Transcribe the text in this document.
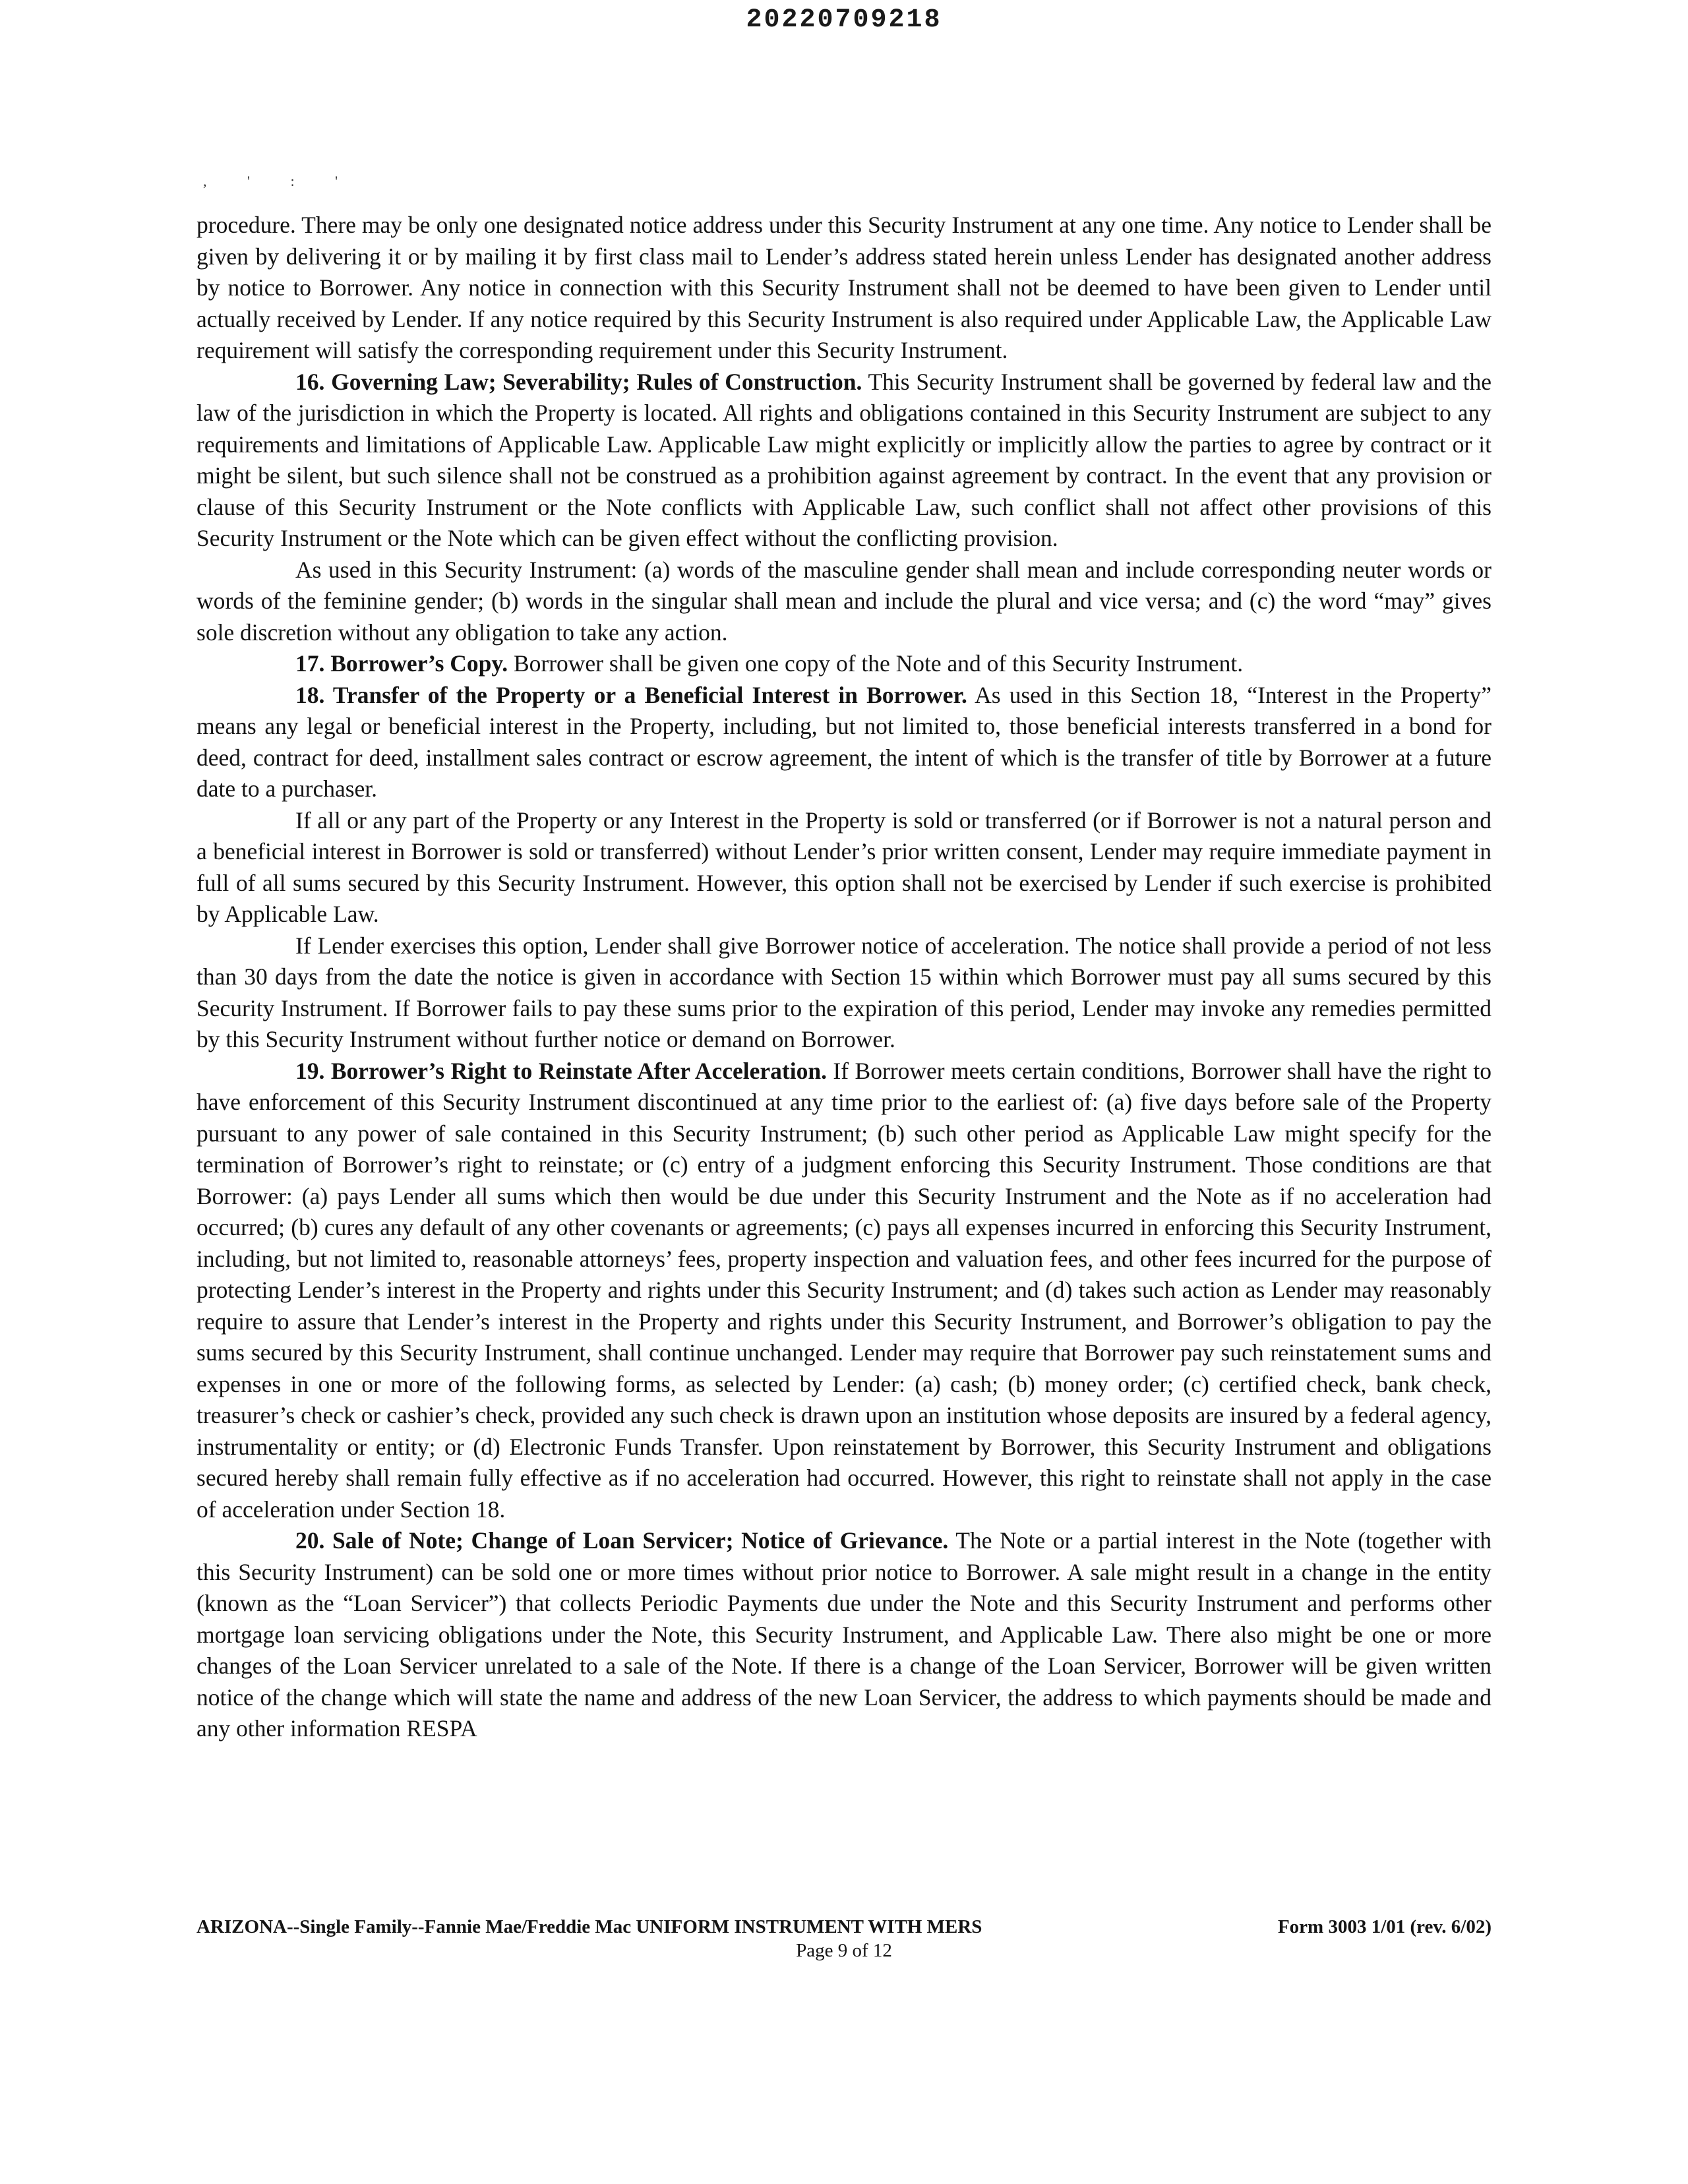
20220709218
, ' : '

procedure. There may be only one designated notice address under this Security Instrument at any one time. Any notice to Lender shall be given by delivering it or by mailing it by first class mail to Lender’s address stated herein unless Lender has designated another address by notice to Borrower. Any notice in connection with this Security Instrument shall not be deemed to have been given to Lender until actually received by Lender. If any notice required by this Security Instrument is also required under Applicable Law, the Applicable Law requirement will satisfy the corresponding requirement under this Security Instrument.

16. Governing Law; Severability; Rules of Construction. This Security Instrument shall be governed by federal law and the law of the jurisdiction in which the Property is located. All rights and obligations contained in this Security Instrument are subject to any requirements and limitations of Applicable Law. Applicable Law might explicitly or implicitly allow the parties to agree by contract or it might be silent, but such silence shall not be construed as a prohibition against agreement by contract. In the event that any provision or clause of this Security Instrument or the Note conflicts with Applicable Law, such conflict shall not affect other provisions of this Security Instrument or the Note which can be given effect without the conflicting provision.

As used in this Security Instrument: (a) words of the masculine gender shall mean and include corresponding neuter words or words of the feminine gender; (b) words in the singular shall mean and include the plural and vice versa; and (c) the word “may” gives sole discretion without any obligation to take any action.

17. Borrower’s Copy. Borrower shall be given one copy of the Note and of this Security Instrument.

18. Transfer of the Property or a Beneficial Interest in Borrower. As used in this Section 18, “Interest in the Property” means any legal or beneficial interest in the Property, including, but not limited to, those beneficial interests transferred in a bond for deed, contract for deed, installment sales contract or escrow agreement, the intent of which is the transfer of title by Borrower at a future date to a purchaser.

If all or any part of the Property or any Interest in the Property is sold or transferred (or if Borrower is not a natural person and a beneficial interest in Borrower is sold or transferred) without Lender’s prior written consent, Lender may require immediate payment in full of all sums secured by this Security Instrument. However, this option shall not be exercised by Lender if such exercise is prohibited by Applicable Law.

If Lender exercises this option, Lender shall give Borrower notice of acceleration. The notice shall provide a period of not less than 30 days from the date the notice is given in accordance with Section 15 within which Borrower must pay all sums secured by this Security Instrument. If Borrower fails to pay these sums prior to the expiration of this period, Lender may invoke any remedies permitted by this Security Instrument without further notice or demand on Borrower.

19. Borrower’s Right to Reinstate After Acceleration. If Borrower meets certain conditions, Borrower shall have the right to have enforcement of this Security Instrument discontinued at any time prior to the earliest of: (a) five days before sale of the Property pursuant to any power of sale contained in this Security Instrument; (b) such other period as Applicable Law might specify for the termination of Borrower’s right to reinstate; or (c) entry of a judgment enforcing this Security Instrument. Those conditions are that Borrower: (a) pays Lender all sums which then would be due under this Security Instrument and the Note as if no acceleration had occurred; (b) cures any default of any other covenants or agreements; (c) pays all expenses incurred in enforcing this Security Instrument, including, but not limited to, reasonable attorneys’ fees, property inspection and valuation fees, and other fees incurred for the purpose of protecting Lender’s interest in the Property and rights under this Security Instrument; and (d) takes such action as Lender may reasonably require to assure that Lender’s interest in the Property and rights under this Security Instrument, and Borrower’s obligation to pay the sums secured by this Security Instrument, shall continue unchanged. Lender may require that Borrower pay such reinstatement sums and expenses in one or more of the following forms, as selected by Lender: (a) cash; (b) money order; (c) certified check, bank check, treasurer’s check or cashier’s check, provided any such check is drawn upon an institution whose deposits are insured by a federal agency, instrumentality or entity; or (d) Electronic Funds Transfer. Upon reinstatement by Borrower, this Security Instrument and obligations secured hereby shall remain fully effective as if no acceleration had occurred. However, this right to reinstate shall not apply in the case of acceleration under Section 18.

20. Sale of Note; Change of Loan Servicer; Notice of Grievance. The Note or a partial interest in the Note (together with this Security Instrument) can be sold one or more times without prior notice to Borrower. A sale might result in a change in the entity (known as the “Loan Servicer”) that collects Periodic Payments due under the Note and this Security Instrument and performs other mortgage loan servicing obligations under the Note, this Security Instrument, and Applicable Law. There also might be one or more changes of the Loan Servicer unrelated to a sale of the Note. If there is a change of the Loan Servicer, Borrower will be given written notice of the change which will state the name and address of the new Loan Servicer, the address to which payments should be made and any other information RESPA

ARIZONA--Single Family--Fannie Mae/Freddie Mac UNIFORM INSTRUMENT WITH MERS	Form 3003 1/01 (rev. 6/02)
Page 9 of 12
